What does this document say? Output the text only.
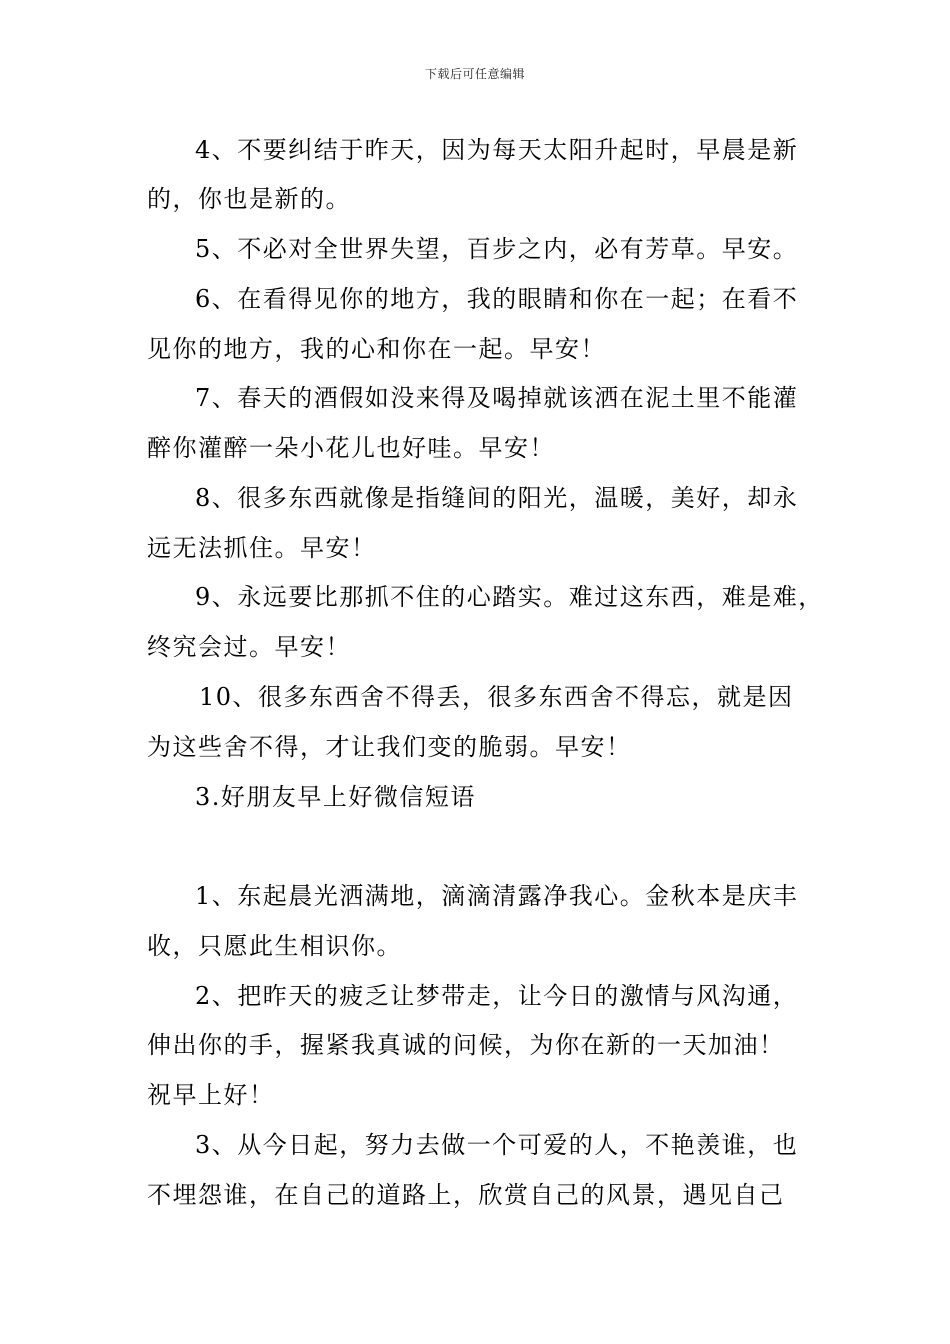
下载后可任意编辑
4、不要纠结于昨天，因为每天太阳升起时，早晨是新
的，你也是新的。
5、不必对全世界失望，百步之内，必有芳草。早安。
6、在看得见你的地方，我的眼睛和你在一起；在看不
见你的地方，我的心和你在一起。早安！
7、春天的酒假如没来得及喝掉就该洒在泥土里不能灌
醉你灌醉一朵小花儿也好哇。早安！
8、很多东西就像是指缝间的阳光，温暖，美好，却永
远无法抓住。早安！
9、永远要比那抓不住的心踏实。难过这东西，难是难，
终究会过。早安！
10、很多东西舍不得丢，很多东西舍不得忘，就是因
为这些舍不得，才让我们变的脆弱。早安！
3.好朋友早上好微信短语
1、东起晨光洒满地，滴滴清露净我心。金秋本是庆丰
收，只愿此生相识你。
2、把昨天的疲乏让梦带走，让今日的激情与风沟通，
伸出你的手，握紧我真诚的问候，为你在新的一天加油！
祝早上好！
3、从今日起，努力去做一个可爱的人，不艳羡谁，也
不埋怨谁，在自己的道路上，欣赏自己的风景，遇见自己
